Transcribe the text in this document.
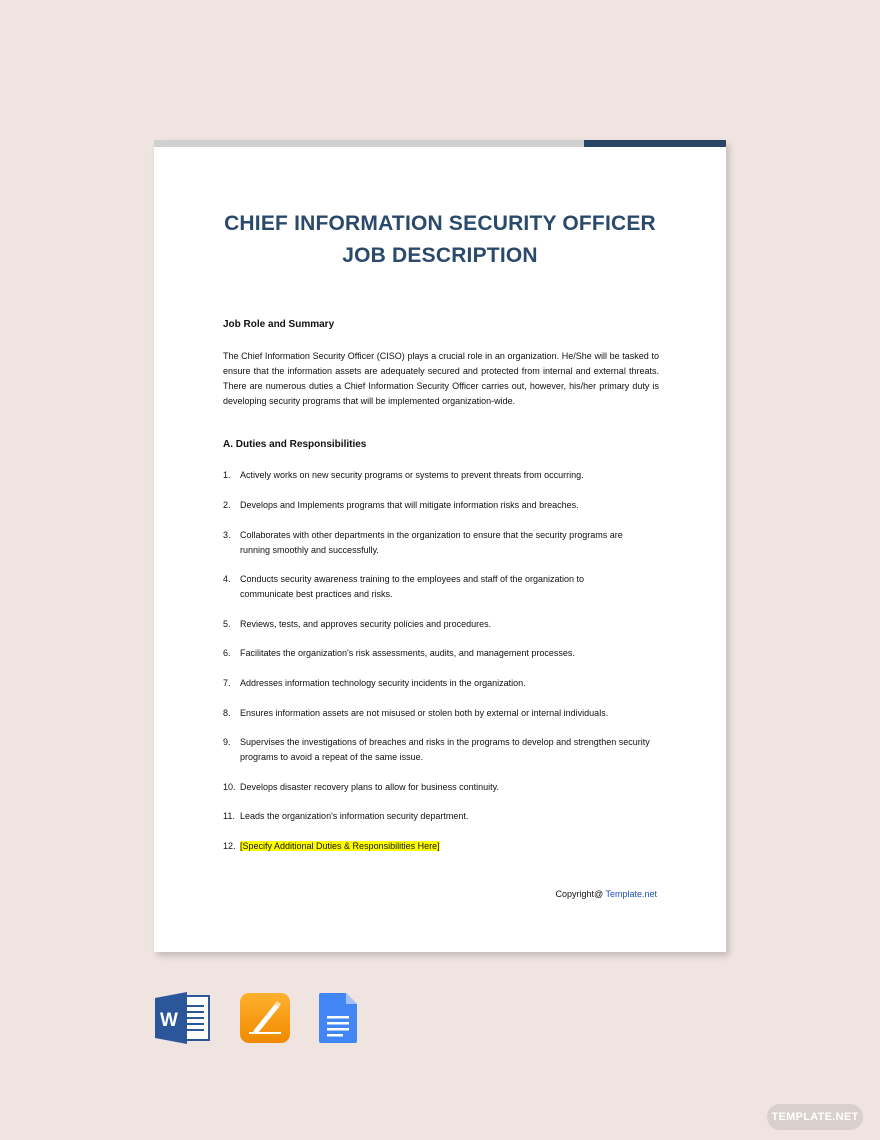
CHIEF INFORMATION SECURITY OFFICER
JOB DESCRIPTION
Job Role and Summary
The Chief Information Security Officer (CISO) plays a crucial role in an organization. He/She will be tasked to ensure that the information assets are adequately secured and protected from internal and external threats. There are numerous duties a Chief Information Security Officer carries out, however, his/her primary duty is developing security programs that will be implemented organization-wide.
A. Duties and Responsibilities
1. Actively works on new security programs or systems to prevent threats from occurring.
2. Develops and Implements programs that will mitigate information risks and breaches.
3. Collaborates with other departments in the organization to ensure that the security programs are running smoothly and successfully.
4. Conducts security awareness training to the employees and staff of the organization to communicate best practices and risks.
5. Reviews, tests, and approves security policies and procedures.
6. Facilitates the organization's risk assessments, audits, and management processes.
7. Addresses information technology security incidents in the organization.
8. Ensures information assets are not misused or stolen both by external or internal individuals.
9. Supervises the investigations of breaches and risks in the programs to develop and strengthen security programs to avoid a repeat of the same issue.
10. Develops disaster recovery plans to allow for business continuity.
11. Leads the organization's information security department.
12. [Specify Additional Duties & Responsibilities Here]
Copyright@ Template.net
W
TEMPLATE.NET
